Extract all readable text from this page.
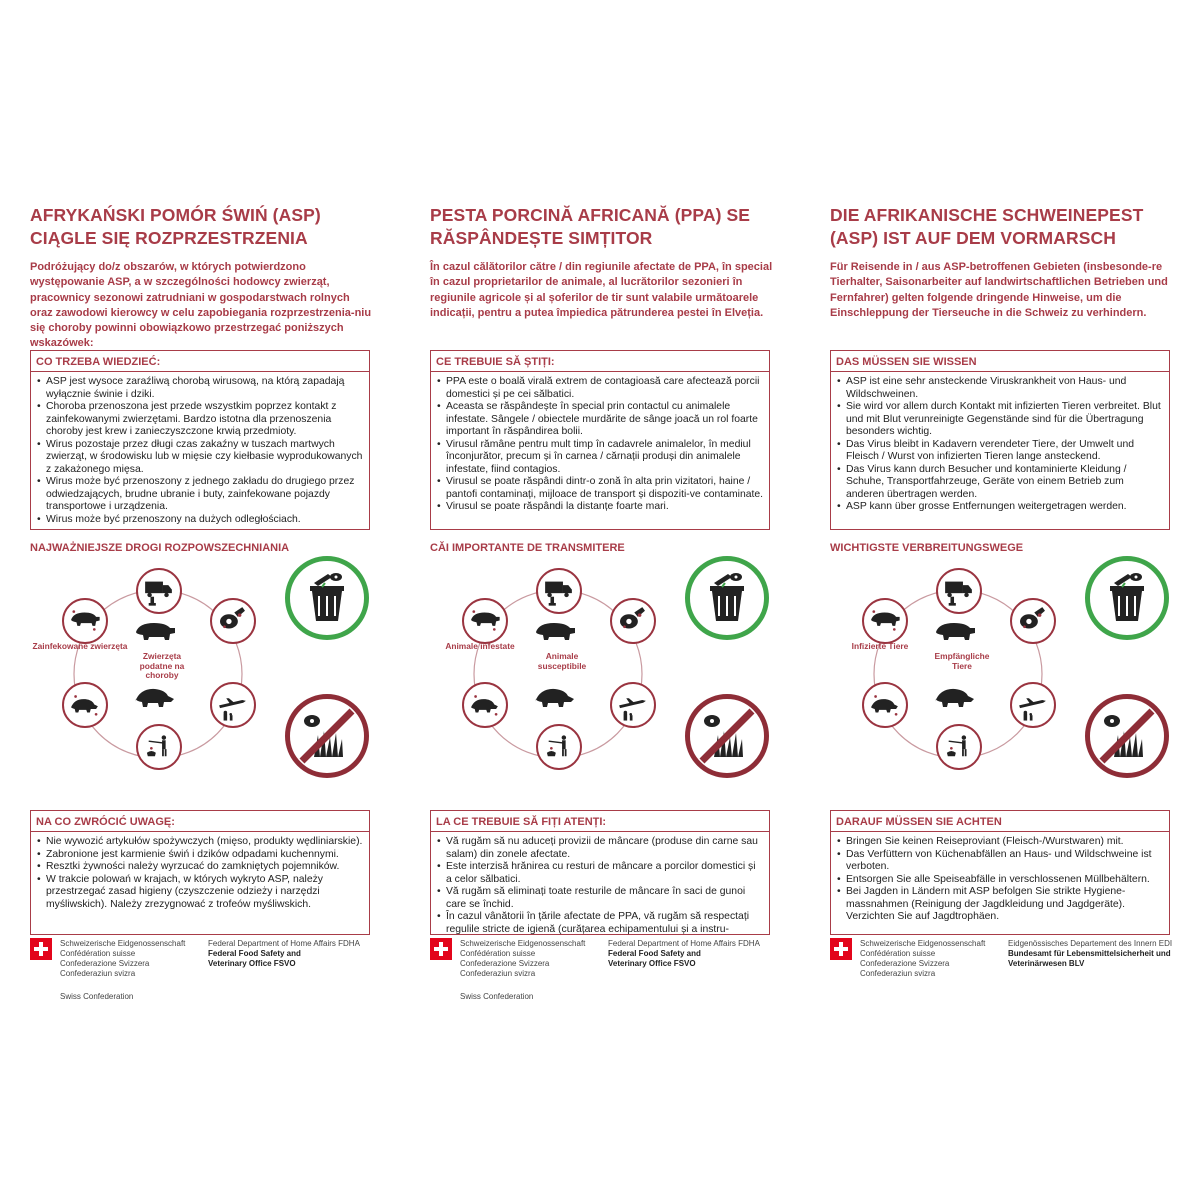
AFRYKAŃSKI POMÓR ŚWIŃ (ASP) CIĄGLE SIĘ ROZPRZESTRZENIA

Podróżujący do/z obszarów, w których potwierdzono występowanie ASP, a w szczególności hodowcy zwierząt, pracownicy sezonowi zatrudniani w gospodarstwach rolnych oraz zawodowi kierowcy w celu zapobiegania rozprzestrzenia-niu się choroby powinni obowiązkowo przestrzegać poniższych wskazówek:

CO TRZEBA WIEDZIEĆ:
• ASP jest wysoce zaraźliwą chorobą wirusową, na którą zapadają wyłącznie świnie i dziki.
• Choroba przenoszona jest przede wszystkim poprzez kontakt z zainfekowanymi zwierzętami. Bardzo istotna dla przenoszenia choroby jest krew i zanieczyszczone krwią przedmioty.
• Wirus pozostaje przez długi czas zakaźny w tuszach martwych zwierząt, w środowisku lub w mięsie czy kiełbasie wyprodukowanych z zakażonego mięsa.
• Wirus może być przenoszony z jednego zakładu do drugiego przez odwiedzających, brudne ubranie i buty, zainfekowane pojazdy transportowe i urządzenia.
• Wirus może być przenoszony na dużych odległościach.
NAJWAŻNIEJSZE DROGI ROZPOWSZECHNIANIA
Zainfekowane zwierzęta
Zwierzęta podatne na choroby
NA CO ZWRÓCIĆ UWAGĘ:
• Nie wywozić artykułów spożywczych (mięso, produkty wędliniarskie).
• Zabronione jest karmienie świń i dzików odpadami kuchennymi.
• Resztki żywności należy wyrzucać do zamkniętych pojemników.
• W trakcie polowań w krajach, w których wykryto ASP, należy przestrzegać zasad higieny (czyszczenie odzieży i narzędzi myśliwskich). Należy zrezygnować z trofeów myśliwskich.
PESTA PORCINĂ AFRICANĂ (PPA) SE RĂSPÂNDEȘTE SIMȚITOR

În cazul călătorilor către / din regiunile afectate de PPA, în special în cazul proprietarilor de animale, al lucrătorilor sezonieri în regiunile agricole și al șoferilor de tir sunt valabile următoarele indicații, pentru a putea împiedica pătrunderea pestei în Elveția.

CE TREBUIE SĂ ȘTIȚI:
• PPA este o boală virală extrem de contagioasă care afectează porcii domestici și pe cei sălbatici.
• Aceasta se răspândește în special prin contactul cu animalele infestate. Sângele / obiectele murdărite de sânge joacă un rol foarte important în răspândirea bolii.
• Virusul rămâne pentru mult timp în cadavrele animalelor, în mediul înconjurător, precum și în carnea / cărnații produși din animalele infestate, fiind contagios.
• Virusul se poate răspândi dintr-o zonă în alta prin vizitatori, haine / pantofi contaminați, mijloace de transport și dispoziti-ve contaminate.
• Virusul se poate răspândi la distanțe foarte mari.
CĂI IMPORTANTE DE TRANSMITERE
Animale infestate
Animale susceptibile
LA CE TREBUIE SĂ FIȚI ATENȚI:
• Vă rugăm să nu aduceți provizii de mâncare (produse din carne sau salam) din zonele afectate.
• Este interzisă hrănirea cu resturi de mâncare a porcilor domestici și a celor sălbatici.
• Vă rugăm să eliminați toate resturile de mâncare în saci de gunoi care se închid.
• În cazul vânătorii în țările afectate de PPA, vă rugăm să respectați regulile stricte de igienă (curățarea echipamentului și a instru-
DIE AFRIKANISCHE SCHWEINEPEST (ASP) IST AUF DEM VORMARSCH

Für Reisende in / aus ASP-betroffenen Gebieten (insbesonde-re Tierhalter, Saisonarbeiter auf landwirtschaftlichen Betrieben und Fernfahrer) gelten folgende dringende Hinweise, um die Einschleppung der Tierseuche in die Schweiz zu verhindern.

DAS MÜSSEN SIE WISSEN
• ASP ist eine sehr ansteckende Viruskrankheit von Haus- und Wildschweinen.
• Sie wird vor allem durch Kontakt mit infizierten Tieren verbreitet. Blut und mit Blut verunreinigte Gegenstände sind für die Übertragung besonders wichtig.
• Das Virus bleibt in Kadavern verendeter Tiere, der Umwelt und Fleisch / Wurst von infizierten Tieren lange ansteckend.
• Das Virus kann durch Besucher und kontaminierte Kleidung / Schuhe, Transportfahrzeuge, Geräte von einem Betrieb zum anderen übertragen werden.
• ASP kann über grosse Entfernungen weitergetragen werden.
WICHTIGSTE VERBREITUNGSWEGE
Infizierte Tiere
Empfängliche Tiere
DARAUF MÜSSEN SIE ACHTEN
• Bringen Sie keinen Reiseproviant (Fleisch-/Wurstwaren) mit.
• Das Verfüttern von Küchenabfällen an Haus- und Wildschweine ist verboten.
• Entsorgen Sie alle Speiseabfälle in verschlossenen Müllbehältern.
• Bei Jagden in Ländern mit ASP befolgen Sie strikte Hygiene-massnahmen (Reinigung der Jagdkleidung und Jagdgeräte). Verzichten Sie auf Jagdtrophäen.
Schweizerische Eidgenossenschaft
Confédération suisse
Confederazione Svizzera
Confederaziun svizra
Federal Department of Home Affairs FDHA
Federal Food Safety and
Veterinary Office FSVO
Swiss Confederation
Schweizerische Eidgenossenschaft
Confédération suisse
Confederazione Svizzera
Confederaziun svizra
Federal Department of Home Affairs FDHA
Federal Food Safety and
Veterinary Office FSVO
Swiss Confederation
Schweizerische Eidgenossenschaft
Confédération suisse
Confederazione Svizzera
Confederaziun svizra
Eidgenössisches Departement des Innern EDI
Bundesamt für Lebensmittelsicherheit und
Veterinärwesen BLV
